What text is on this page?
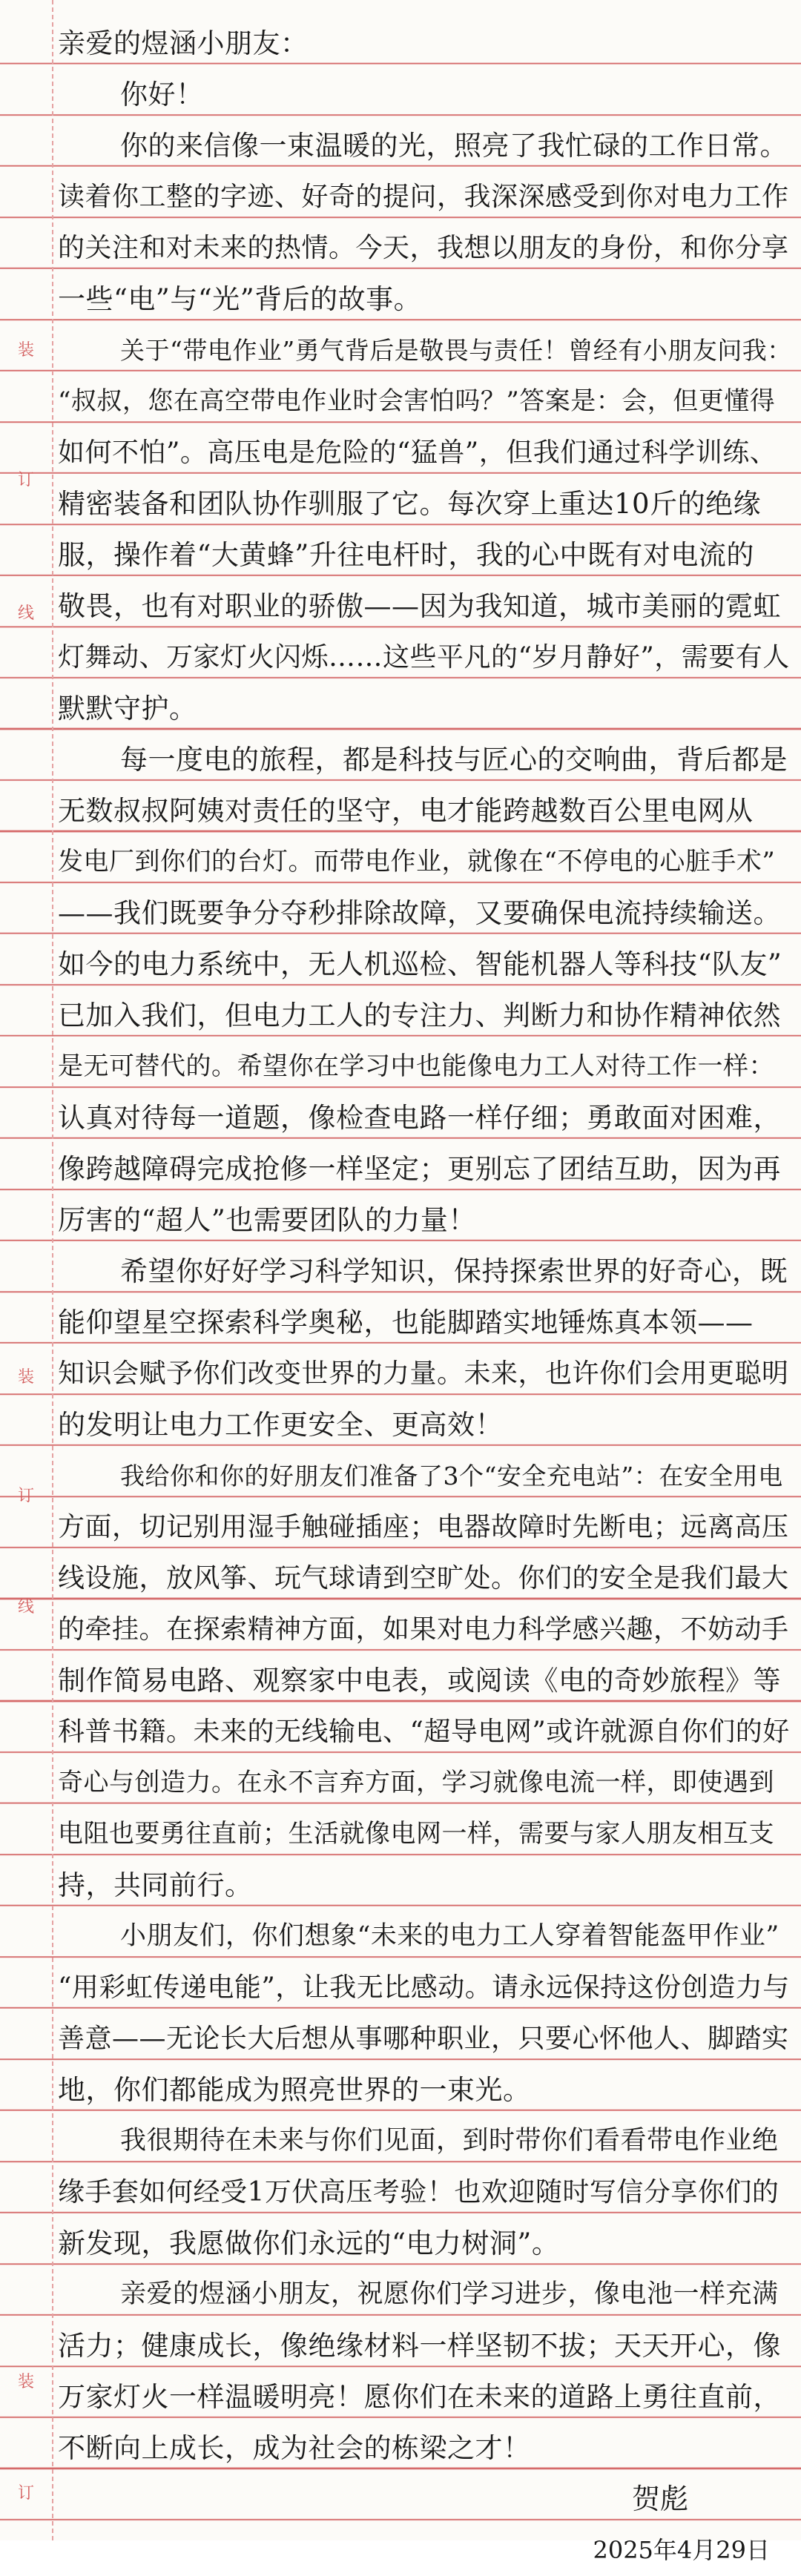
装
订
线
装
订
线
装
订
亲爱的煜涵小朋友：
你好！
你的来信像一束温暖的光，照亮了我忙碌的工作日常。
读着你工整的字迹、好奇的提问，我深深感受到你对电力工作
的关注和对未来的热情。今天，我想以朋友的身份，和你分享
一些“电”与“光”背后的故事。
关于“带电作业”勇气背后是敬畏与责任！曾经有小朋友问我：
“叔叔，您在高空带电作业时会害怕吗？”答案是：会，但更懂得
如何不怕”。高压电是危险的“猛兽”，但我们通过科学训练、
精密装备和团队协作驯服了它。每次穿上重达10斤的绝缘
服，操作着“大黄蜂”升往电杆时，我的心中既有对电流的
敬畏，也有对职业的骄傲——因为我知道，城市美丽的霓虹
灯舞动、万家灯火闪烁……这些平凡的“岁月静好”，需要有人
默默守护。
每一度电的旅程，都是科技与匠心的交响曲，背后都是
无数叔叔阿姨对责任的坚守，电才能跨越数百公里电网从
发电厂到你们的台灯。而带电作业，就像在“不停电的心脏手术”
——我们既要争分夺秒排除故障，又要确保电流持续输送。
如今的电力系统中，无人机巡检、智能机器人等科技“队友”
已加入我们，但电力工人的专注力、判断力和协作精神依然
是无可替代的。希望你在学习中也能像电力工人对待工作一样：
认真对待每一道题，像检查电路一样仔细；勇敢面对困难，
像跨越障碍完成抢修一样坚定；更别忘了团结互助，因为再
厉害的“超人”也需要团队的力量！
希望你好好学习科学知识，保持探索世界的好奇心，既
能仰望星空探索科学奥秘，也能脚踏实地锤炼真本领——
知识会赋予你们改变世界的力量。未来，也许你们会用更聪明
的发明让电力工作更安全、更高效！
我给你和你的好朋友们准备了3个“安全充电站”：在安全用电
方面，切记别用湿手触碰插座；电器故障时先断电；远离高压
线设施，放风筝、玩气球请到空旷处。你们的安全是我们最大
的牵挂。在探索精神方面，如果对电力科学感兴趣，不妨动手
制作简易电路、观察家中电表，或阅读《电的奇妙旅程》等
科普书籍。未来的无线输电、“超导电网”或许就源自你们的好
奇心与创造力。在永不言弃方面，学习就像电流一样，即使遇到
电阻也要勇往直前；生活就像电网一样，需要与家人朋友相互支
持，共同前行。
小朋友们，你们想象“未来的电力工人穿着智能盔甲作业”
“用彩虹传递电能”，让我无比感动。请永远保持这份创造力与
善意——无论长大后想从事哪种职业，只要心怀他人、脚踏实
地，你们都能成为照亮世界的一束光。
我很期待在未来与你们见面，到时带你们看看带电作业绝
缘手套如何经受1万伏高压考验！也欢迎随时写信分享你们的
新发现，我愿做你们永远的“电力树洞”。
亲爱的煜涵小朋友，祝愿你们学习进步，像电池一样充满
活力；健康成长，像绝缘材料一样坚韧不拔；天天开心，像
万家灯火一样温暖明亮！愿你们在未来的道路上勇往直前，
不断向上成长，成为社会的栋梁之才！
贺彪
2025年4月29日
